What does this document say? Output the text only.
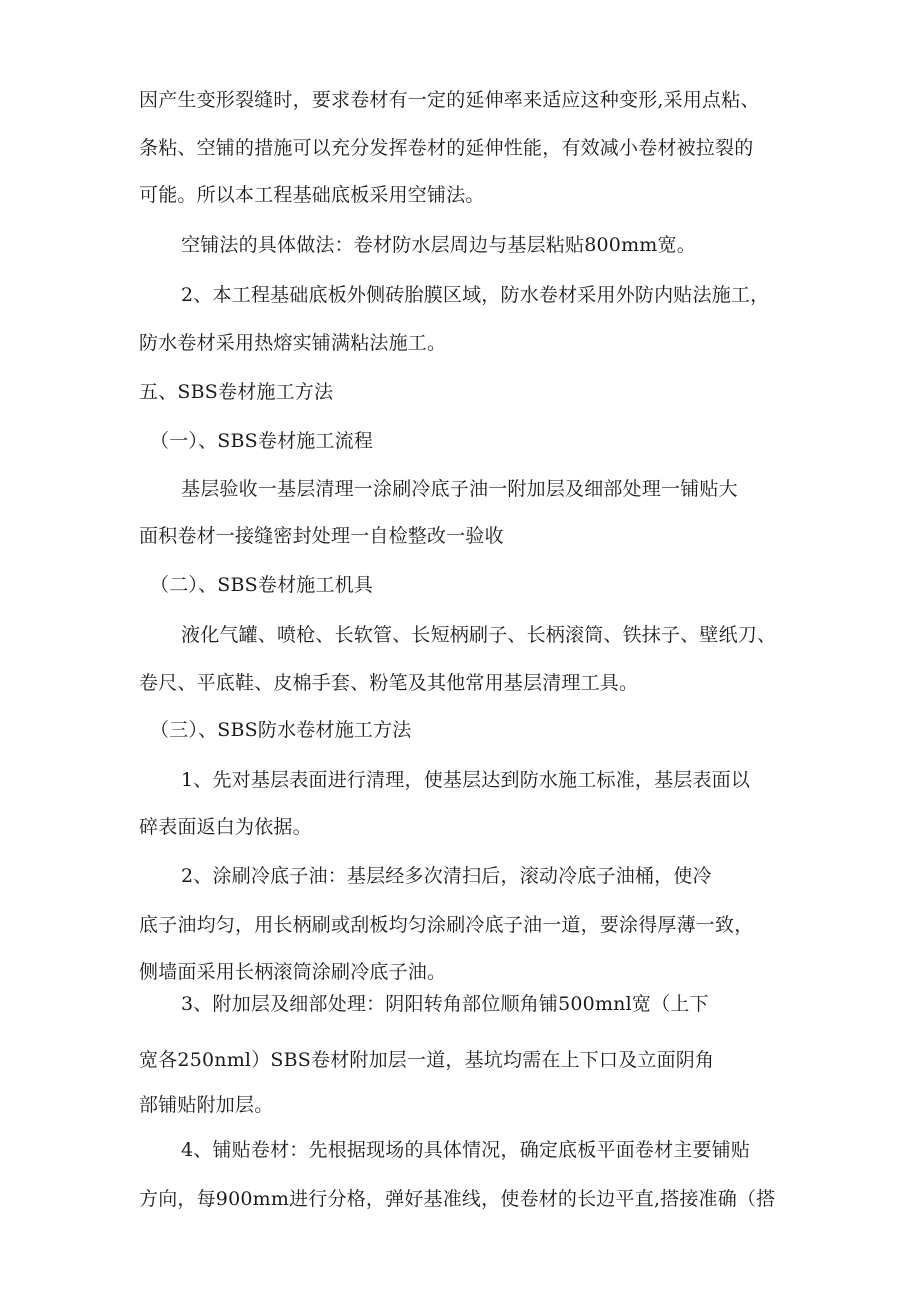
因产生变形裂缝时，要求卷材有一定的延伸率来适应这种变形,采用点粘、
条粘、空铺的措施可以充分发挥卷材的延伸性能，有效减小卷材被拉裂的
可能。所以本工程基础底板采用空铺法。
空铺法的具体做法：卷材防水层周边与基层粘贴800mm宽。
2、本工程基础底板外侧砖胎膜区域，防水卷材采用外防内贴法施工，
防水卷材采用热熔实铺满粘法施工。
五、SBS卷材施工方法
（一）、SBS卷材施工流程
基层验收一基层清理一涂刷冷底子油一附加层及细部处理一铺贴大
面积卷材一接缝密封处理一自检整改一验收
（二）、SBS卷材施工机具
液化气罐、喷枪、长软管、长短柄刷子、长柄滚筒、铁抹子、壁纸刀、
卷尺、平底鞋、皮棉手套、粉笔及其他常用基层清理工具。
（三）、SBS防水卷材施工方法
1、先对基层表面进行清理，使基层达到防水施工标准，基层表面以
碎表面返白为依据。
2、涂刷冷底子油：基层经多次清扫后，滚动冷底子油桶，使冷
底子油均匀，用长柄刷或刮板均匀涂刷冷底子油一道，要涂得厚薄一致，
侧墙面采用长柄滚筒涂刷冷底子油。
3、附加层及细部处理：阴阳转角部位顺角铺500mnl宽（上下
宽各250nml）SBS卷材附加层一道，基坑均需在上下口及立面阴角
部铺贴附加层。
4、铺贴卷材：先根据现场的具体情况，确定底板平面卷材主要铺贴
方向，每900mm进行分格，弹好基准线，使卷材的长边平直,搭接准确（搭
